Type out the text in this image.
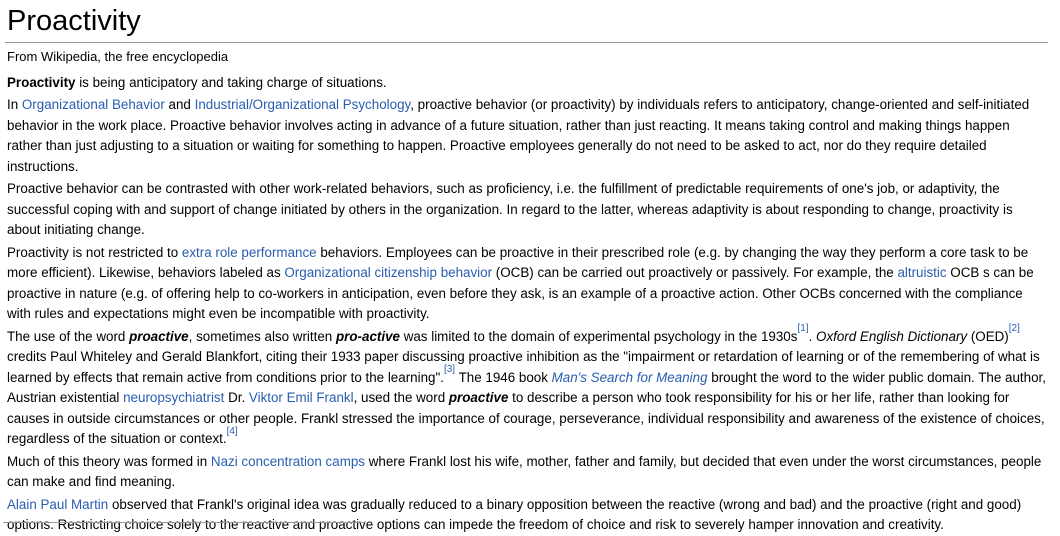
Proactivity
From Wikipedia, the free encyclopedia

Proactivity is being anticipatory and taking charge of situations.

In Organizational Behavior and Industrial/Organizational Psychology, proactive behavior (or proactivity) by individuals refers to anticipatory, change-oriented and self-initiated behavior in the work place. Proactive behavior involves acting in advance of a future situation, rather than just reacting. It means taking control and making things happen rather than just adjusting to a situation or waiting for something to happen. Proactive employees generally do not need to be asked to act, nor do they require detailed instructions.

Proactive behavior can be contrasted with other work-related behaviors, such as proficiency, i.e. the fulfillment of predictable requirements of one's job, or adaptivity, the successful coping with and support of change initiated by others in the organization. In regard to the latter, whereas adaptivity is about responding to change, proactivity is about initiating change.

Proactivity is not restricted to extra role performance behaviors. Employees can be proactive in their prescribed role (e.g. by changing the way they perform a core task to be more efficient). Likewise, behaviors labeled as Organizational citizenship behavior (OCB) can be carried out proactively or passively. For example, the altruistic OCB s can be proactive in nature (e.g. of offering help to co-workers in anticipation, even before they ask, is an example of a proactive action. Other OCBs concerned with the compliance with rules and expectations might even be incompatible with proactivity.

The use of the word proactive, sometimes also written pro-active was limited to the domain of experimental psychology in the 1930s[1]. Oxford English Dictionary (OED)[2] credits Paul Whiteley and Gerald Blankfort, citing their 1933 paper discussing proactive inhibition as the "impairment or retardation of learning or of the remembering of what is learned by effects that remain active from conditions prior to the learning".[3] The 1946 book Man's Search for Meaning brought the word to the wider public domain. The author, Austrian existential neuropsychiatrist Dr. Viktor Emil Frankl, used the word proactive to describe a person who took responsibility for his or her life, rather than looking for causes in outside circumstances or other people. Frankl stressed the importance of courage, perseverance, individual responsibility and awareness of the existence of choices, regardless of the situation or context.[4]

Much of this theory was formed in Nazi concentration camps where Frankl lost his wife, mother, father and family, but decided that even under the worst circumstances, people can make and find meaning.

Alain Paul Martin observed that Frankl's original idea was gradually reduced to a binary opposition between the reactive (wrong and bad) and the proactive (right and good) options. Restricting choice solely to the reactive and proactive options can impede the freedom of choice and risk to severely hamper innovation and creativity.
